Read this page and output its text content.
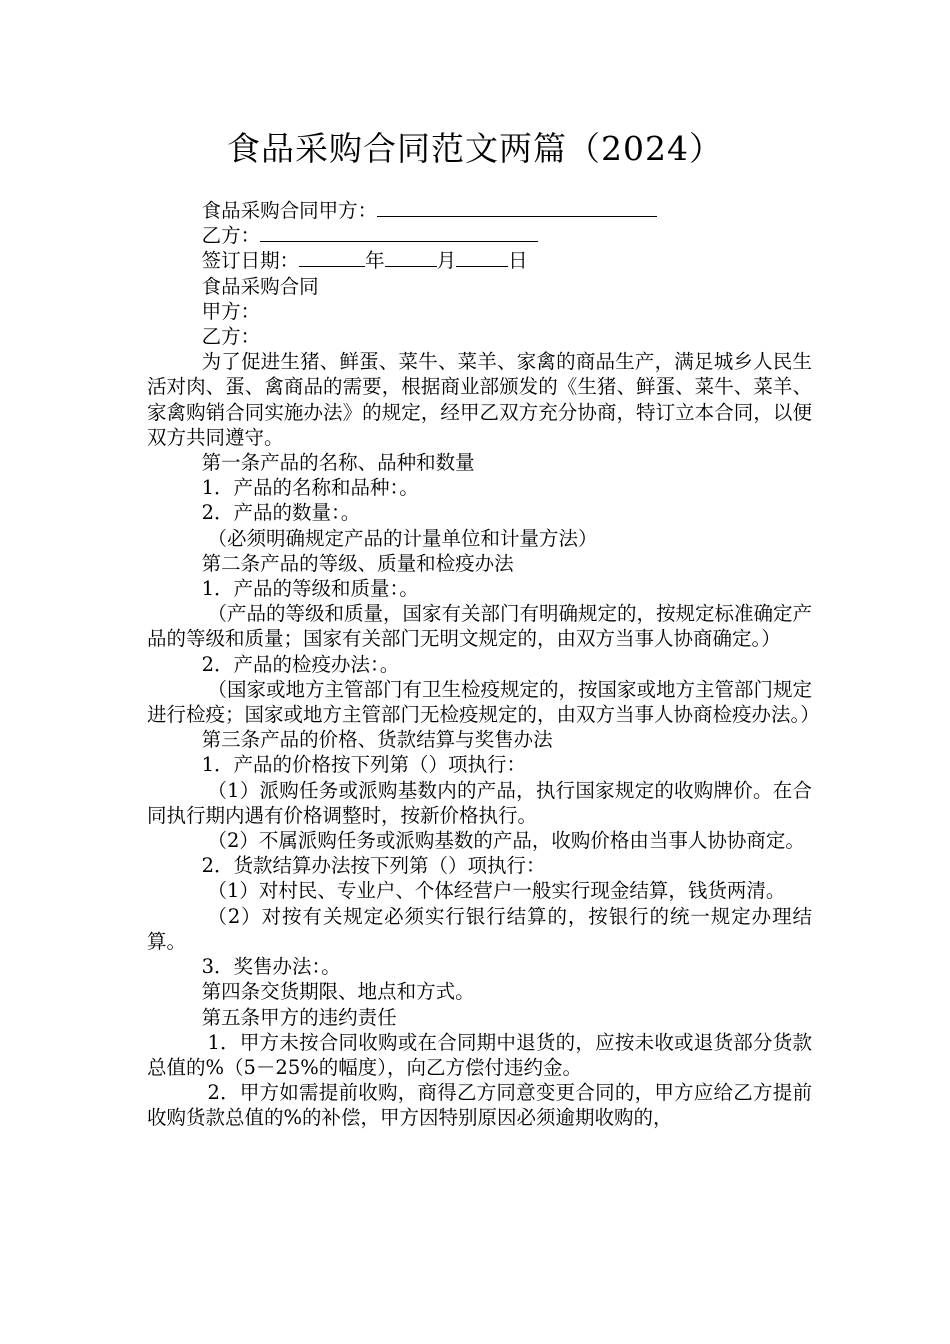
食品采购合同范文两篇（2024）

食品采购合同甲方：

乙方：

签订日期：	年	月	日

食品采购合同

甲方：

乙方：

为了促进生猪、鲜蛋、菜牛、菜羊、家禽的商品生产，满足城乡人民生活对肉、蛋、禽商品的需要，根据商业部颁发的《生猪、鲜蛋、菜牛、菜羊、家禽购销合同实施办法》的规定，经甲乙双方充分协商，特订立本合同，以便双方共同遵守。

第一条产品的名称、品种和数量

1．产品的名称和品种：。

2．产品的数量：。

（必须明确规定产品的计量单位和计量方法）

第二条产品的等级、质量和检疫办法

1．产品的等级和质量：。

（产品的等级和质量，国家有关部门有明确规定的，按规定标准确定产品的等级和质量；国家有关部门无明文规定的，由双方当事人协商确定。）

2．产品的检疫办法：。

（国家或地方主管部门有卫生检疫规定的，按国家或地方主管部门规定进行检疫；国家或地方主管部门无检疫规定的，由双方当事人协商检疫办法。）

第三条产品的价格、货款结算与奖售办法

1．产品的价格按下列第（）项执行：

（1）派购任务或派购基数内的产品，执行国家规定的收购牌价。在合同执行期内遇有价格调整时，按新价格执行。

（2）不属派购任务或派购基数的产品，收购价格由当事人协协商定。

2．货款结算办法按下列第（）项执行：

（1）对村民、专业户、个体经营户一般实行现金结算，钱货两清。

（2）对按有关规定必须实行银行结算的，按银行的统一规定办理结算。

3．奖售办法：。

第四条交货期限、地点和方式。

第五条甲方的违约责任

1．甲方未按合同收购或在合同期中退货的，应按未收或退货部分货款总值的%（5－25%的幅度），向乙方偿付违约金。

2．甲方如需提前收购，商得乙方同意变更合同的，甲方应给乙方提前收购货款总值的%的补偿，甲方因特别原因必须逾期收购的，
